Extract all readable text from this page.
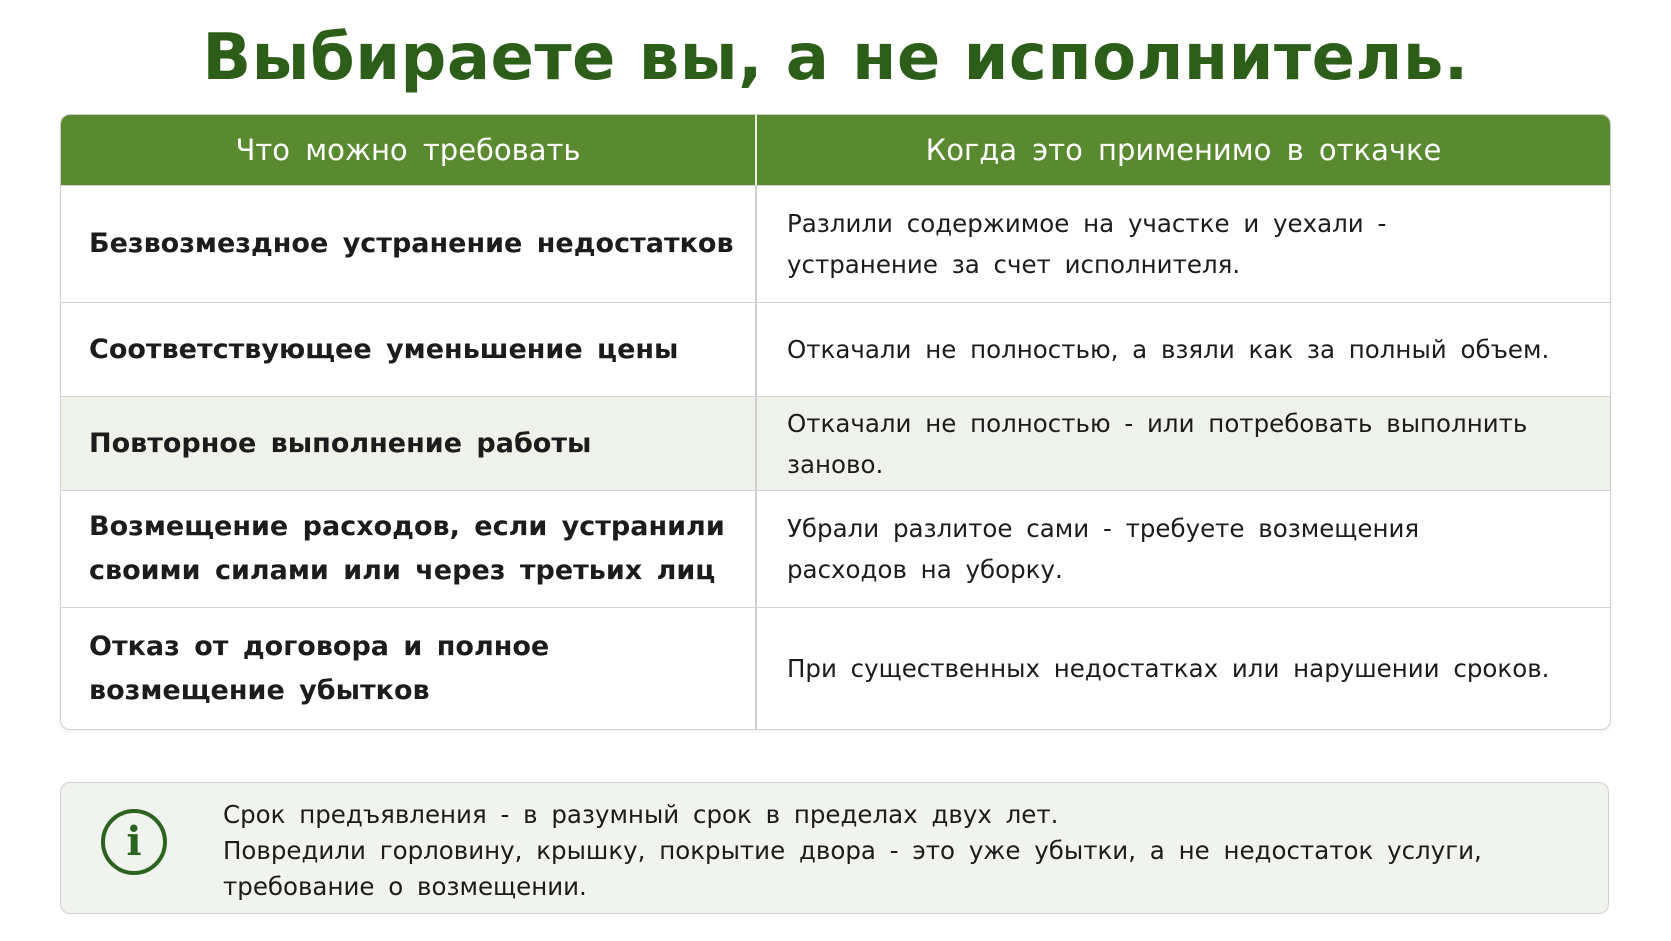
Выбираете вы, а не исполнитель.
Что можно требовать	Когда это применимо в откачке
Безвозмездное устранение недостатков
Разлили содержимое на участке и уехали -
устранение за счет исполнителя.
Соответствующее уменьшение цены	Откачали не полностью, а взяли как за полный объем.
Повторное выполнение работы
Откачали не полностью - или потребовать выполнить заново.
Возмещение расходов, если устранили
своими силами или через третьих лиц
Убрали разлитое сами - требуете возмещения
расходов на уборку.
Отказ от договора и полное
возмещение убытков
При существенных недостатках или нарушении сроков.
i
Срок предъявления - в разумный срок в пределах двух лет.
Повредили горловину, крышку, покрытие двора - это уже убытки, а не недостаток услуги,
требование о возмещении.
